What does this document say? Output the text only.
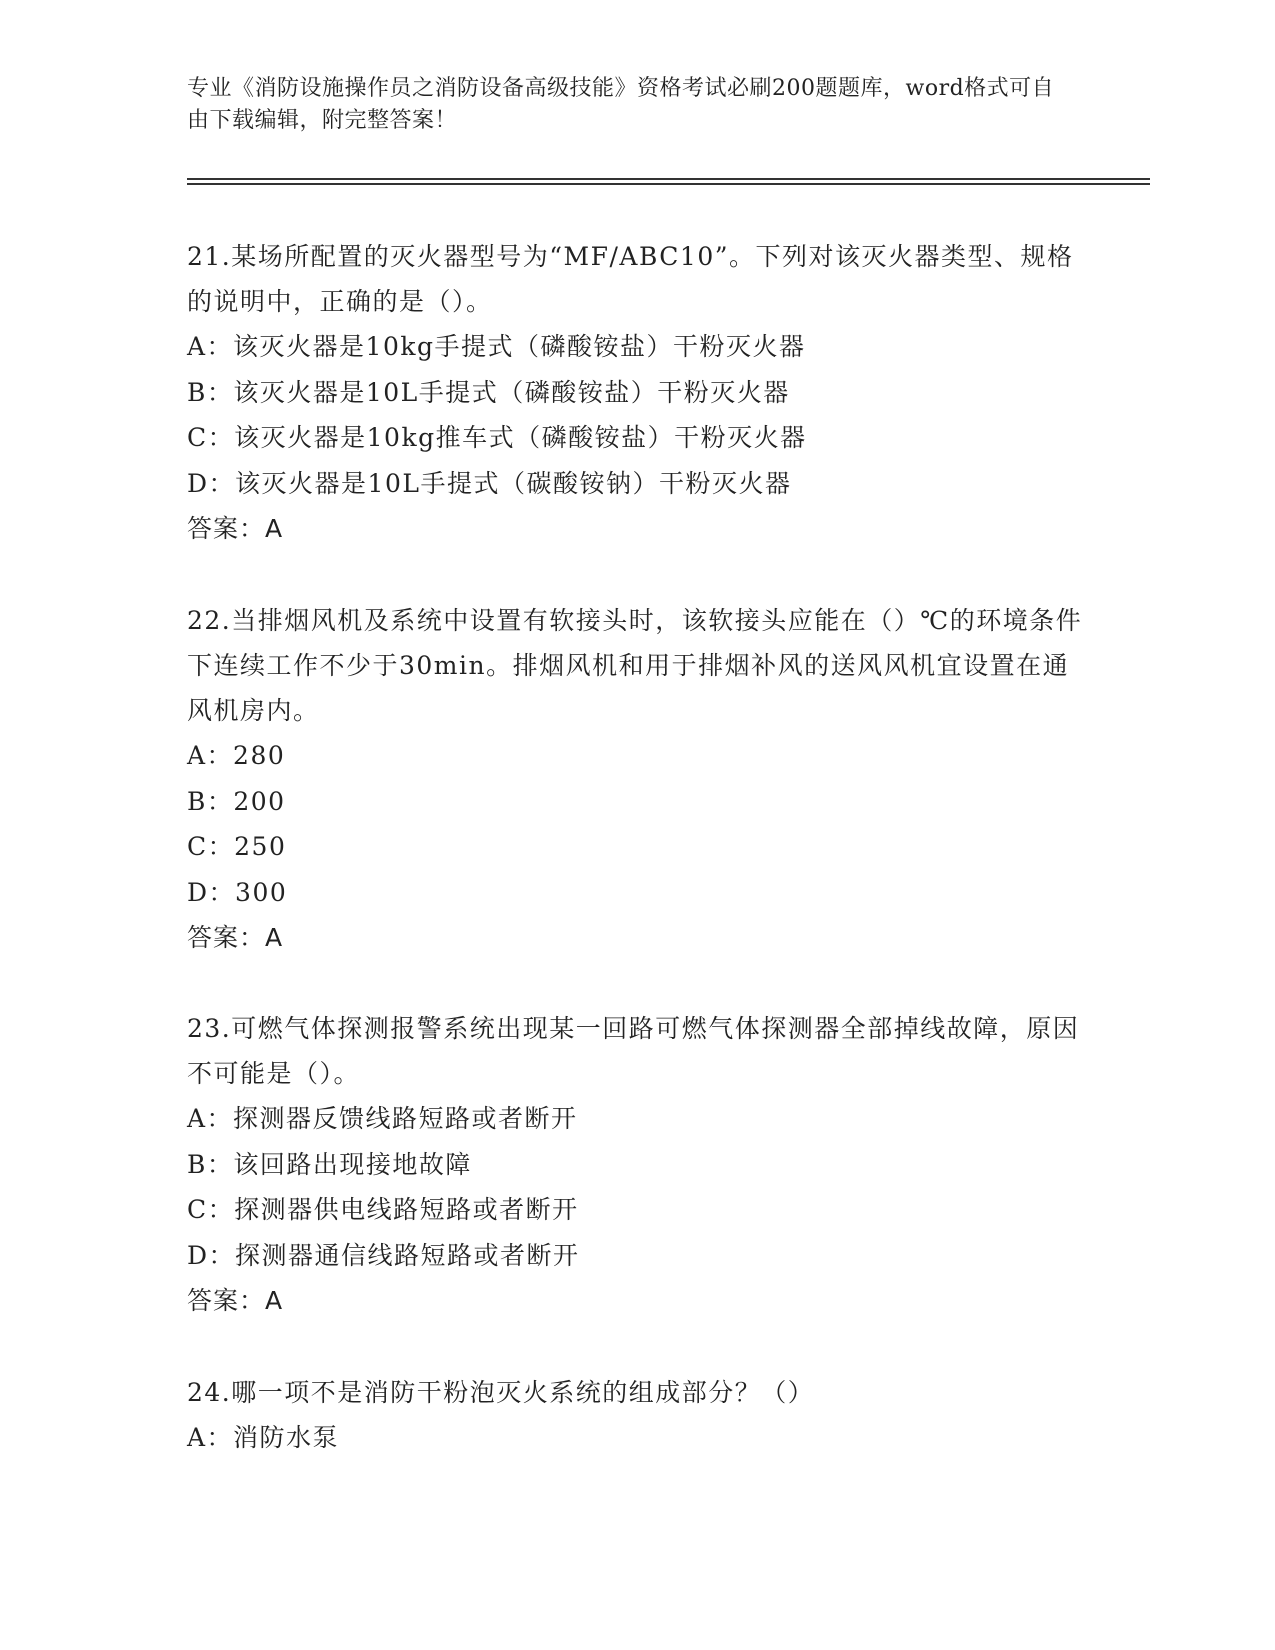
专业《消防设施操作员之消防设备高级技能》资格考试必刷200题题库，word格式可自由下载编辑，附完整答案！

21.某场所配置的灭火器型号为“MF/ABC10”。下列对该灭火器类型、规格的说明中，正确的是（）。

A：该灭火器是10kg手提式（磷酸铵盐）干粉灭火器

B：该灭火器是10L手提式（磷酸铵盐）干粉灭火器

C：该灭火器是10kg推车式（磷酸铵盐）干粉灭火器

D：该灭火器是10L手提式（碳酸铵钠）干粉灭火器

答案：A

22.当排烟风机及系统中设置有软接头时，该软接头应能在（）℃的环境条件下连续工作不少于30min。排烟风机和用于排烟补风的送风风机宜设置在通风机房内。

A：280

B：200

C：250

D：300

答案：A

23.可燃气体探测报警系统出现某一回路可燃气体探测器全部掉线故障，原因不可能是（）。

A：探测器反馈线路短路或者断开

B：该回路出现接地故障

C：探测器供电线路短路或者断开

D：探测器通信线路短路或者断开

答案：A

24.哪一项不是消防干粉泡灭火系统的组成部分？（）

A：消防水泵
